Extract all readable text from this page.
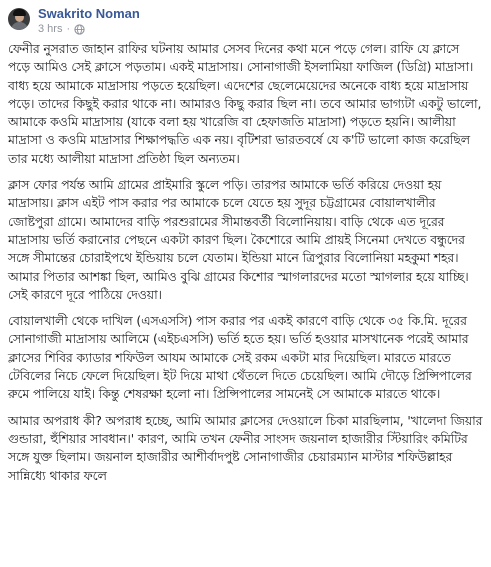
Swakrito Noman
3 hrs ·

ফেনীর নুসরাত জাহান রাফির ঘটনায় আমার সেসব দিনের কথা মনে পড়ে গেল। রাফি যে ক্লাসে পড়ে আমিও সেই ক্লাসে পড়তাম। একই মাদ্রাসায়। সোনাগাজী ইসলামিয়া ফাজিল (ডিগ্রি) মাদ্রাসা। বাধ্য হয়ে আমাকে মাদ্রাসায় পড়তে হয়েছিল। এদেশের ছেলেমেয়েদের অনেকে বাধ্য হয়ে মাদ্রাসায় পড়ে। তাদের কিছুই করার থাকে না। আমারও কিছু করার ছিল না। তবে আমার ভাগ্যটা একটু ভালো, আমাকে কওমি মাদ্রাসায় (যাকে বলা হয় খারেজি বা হেফাজতি মাদ্রাসা) পড়তে হয়নি। আলীয়া মাদ্রাসা ও কওমি মাদ্রাসার শিক্ষাপদ্ধতি এক নয়। বৃটিশরা ভারতবর্ষে যে ক'টি ভালো কাজ করেছিল তার মধ্যে আলীয়া মাদ্রাসা প্রতিষ্ঠা ছিল অন্যতম।

ক্লাস ফোর পর্যন্ত আমি গ্রামের প্রাইমারি স্কুলে পড়ি। তারপর আমাকে ভর্তি করিয়ে দেওয়া হয় মাদ্রাসায়। ক্লাস এইট পাস করার পর আমাকে চলে যেতে হয় সুদূর চট্টগ্রামের বোয়ালখালীর জোষ্টপুরা গ্রামে। আমাদের বাড়ি পরশুরামের সীমান্তবর্তী বিলোনিয়ায়। বাড়ি থেকে এত দূরের মাদ্রাসায় ভর্তি করানোর পেছনে একটা কারণ ছিল। কৈশোরে আমি প্রায়ই সিনেমা দেখতে বন্ধুদের সঙ্গে সীমান্তের চোরাইপথে ইন্ডিয়ায় চলে যেতাম। ইন্ডিয়া মানে ত্রিপুরার বিলোনিয়া মহকুমা শহর। আমার পিতার আশঙ্কা ছিল, আমিও বুঝি গ্রামের কিশোর স্মাগলারদের মতো স্মাগলার হয়ে যাচ্ছি। সেই কারণে দূরে পাঠিয়ে দেওয়া।

বোয়ালখালী থেকে দাখিল (এসএসসি) পাস করার পর একই কারণে বাড়ি থেকে ৩৫ কি.মি. দূরের সোনাগাজী মাদ্রাসায় আলিমে (এইচএসসি) ভর্তি হতে হয়। ভর্তি হওয়ার মাসখানেক পরেই আমার ক্লাসের শিবির ক্যাডার শফিউল আযম আমাকে সেই রকম একটা মার দিয়েছিল। মারতে মারতে টেবিলের নিচে ফেলে দিয়েছিল। ইট দিয়ে মাথা থেঁতলে দিতে চেয়েছিল। আমি দৌড়ে প্রিন্সিপালের রুমে পালিয়ে যাই। কিন্তু শেষরক্ষা হলো না। প্রিন্সিপালের সামনেই সে আমাকে মারতে থাকে।

আমার অপরাধ কী? অপরাধ হচ্ছে, আমি আমার ক্লাসের দেওয়ালে চিকা মারছিলাম, 'খালেদা জিয়ার গুন্ডারা, হুঁশিয়ার সাবধান।' কারণ, আমি তখন ফেনীর সাংসদ জয়নাল হাজারীর স্টিয়ারিং কমিটির সঙ্গে যুক্ত ছিলাম। জয়নাল হাজারীর আশীর্বাদপুষ্ট সোনাগাজীর চেয়ারম্যান মাস্টার শফিউল্লাহর সান্নিধ্যে থাকার ফলে
